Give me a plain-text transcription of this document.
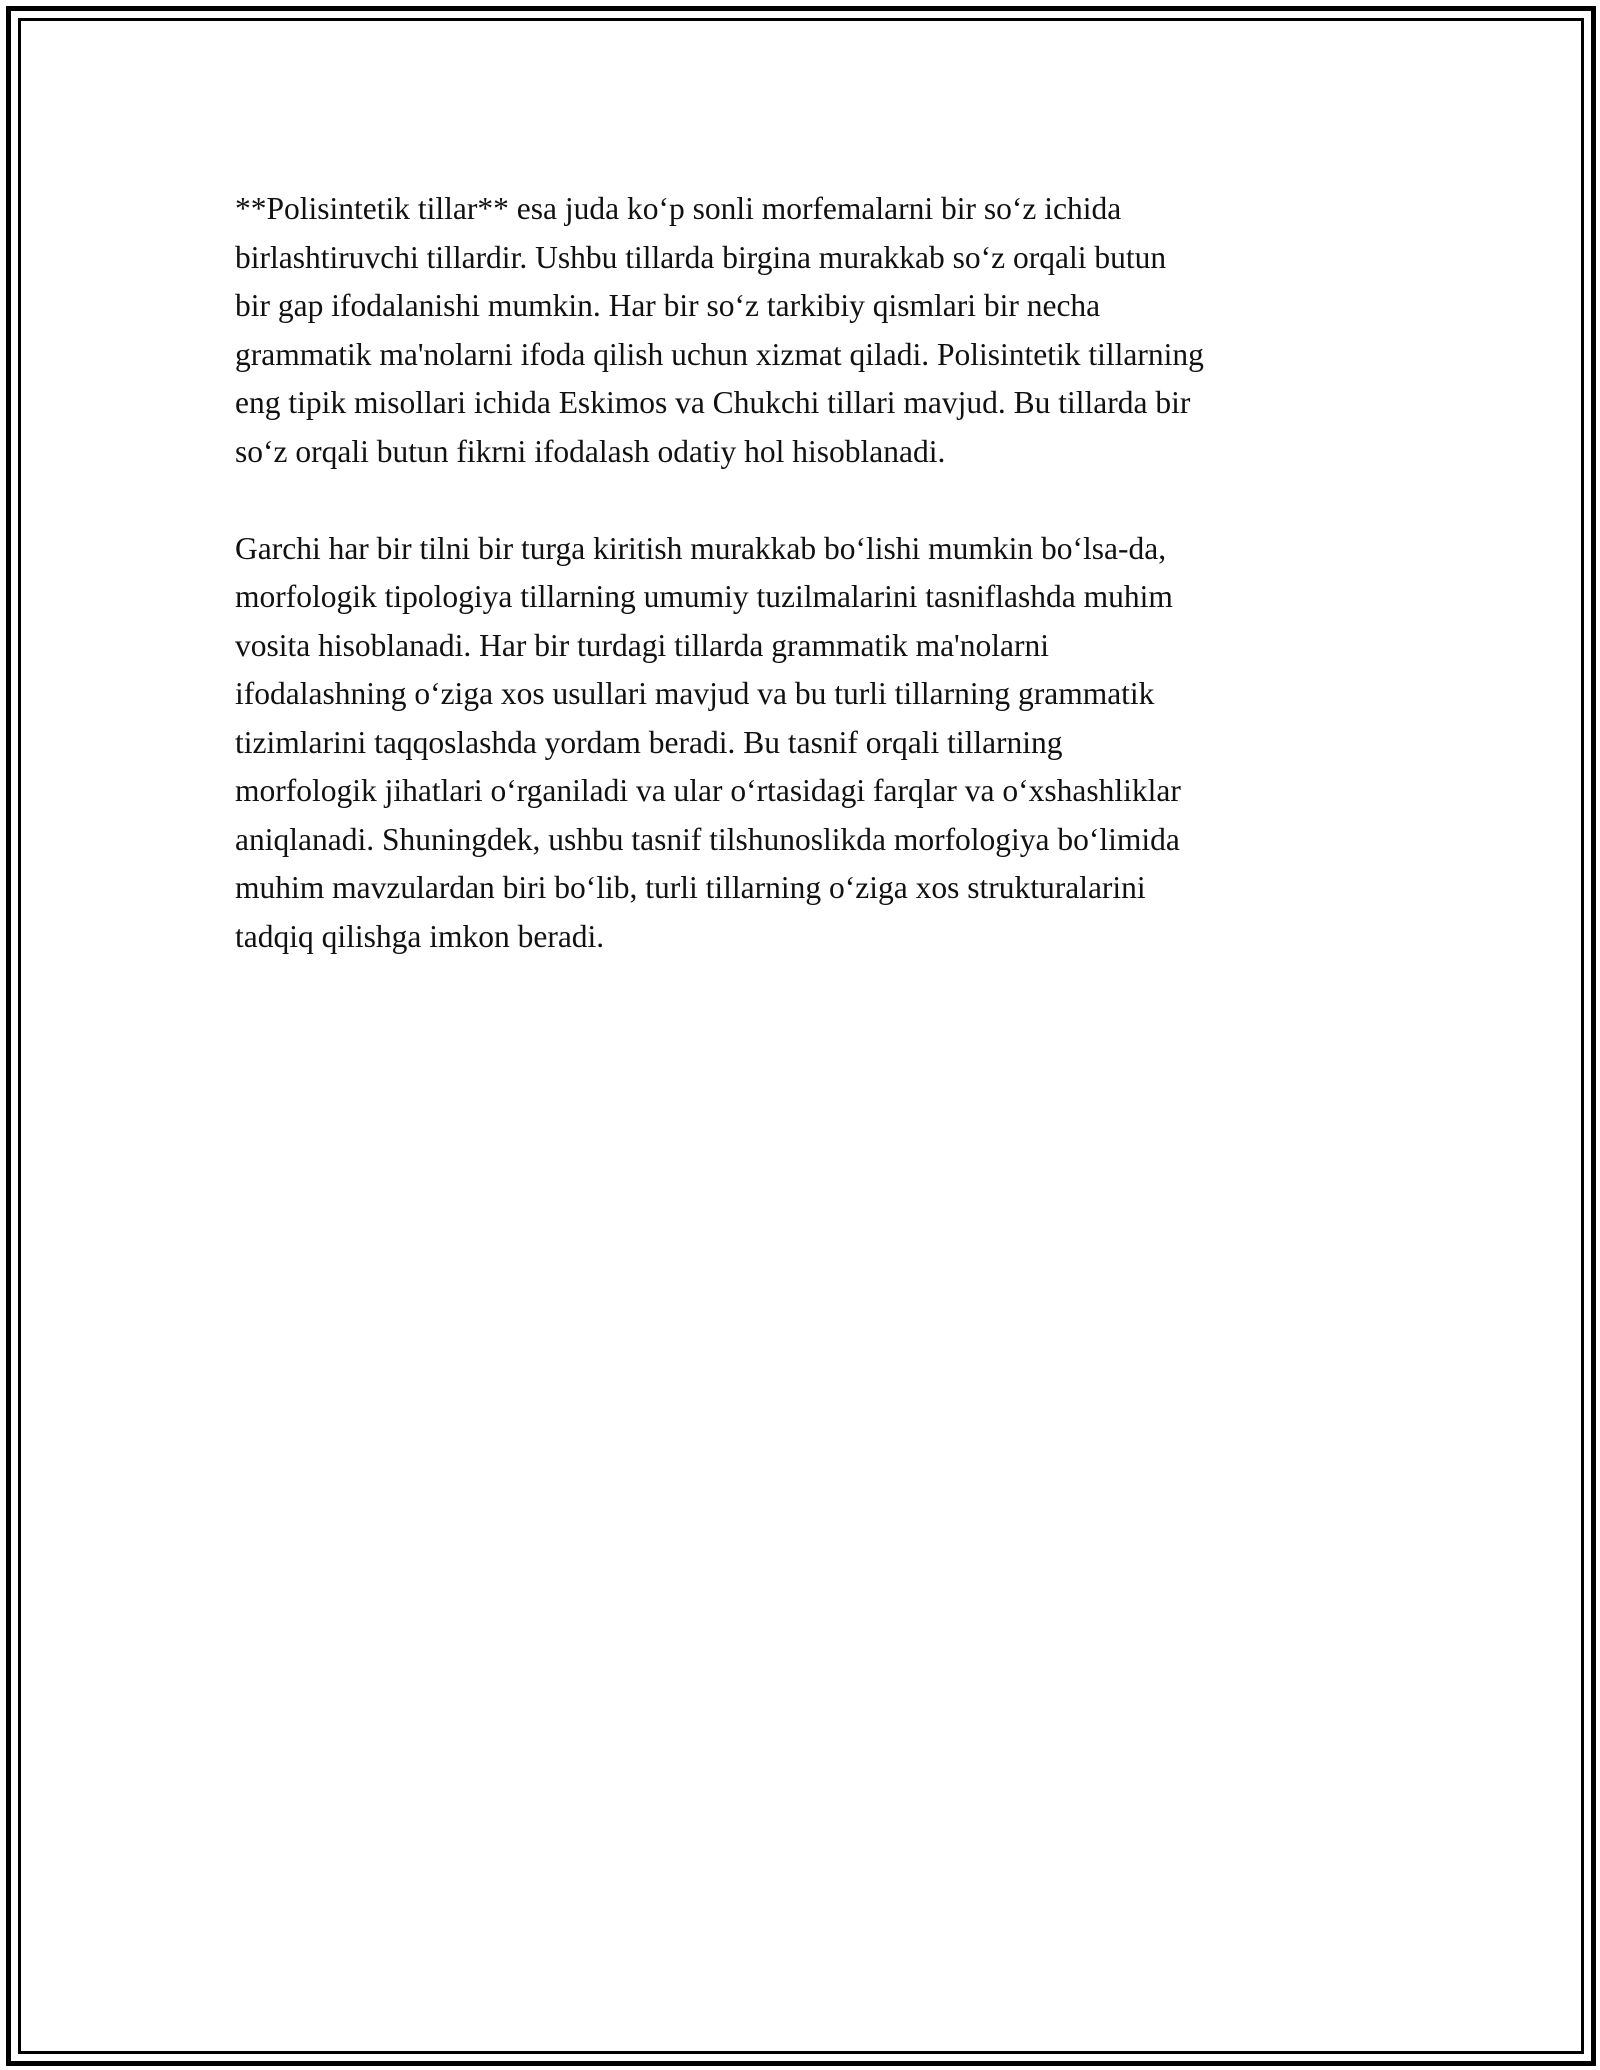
**Polisintetik tillar** esa juda koʻp sonli morfemalarni bir soʻz ichida
birlashtiruvchi tillardir. Ushbu tillarda birgina murakkab soʻz orqali butun
bir gap ifodalanishi mumkin. Har bir soʻz tarkibiy qismlari bir necha
grammatik ma'nolarni ifoda qilish uchun xizmat qiladi. Polisintetik tillarning
eng tipik misollari ichida Eskimos va Chukchi tillari mavjud. Bu tillarda bir
soʻz orqali butun fikrni ifodalash odatiy hol hisoblanadi.

Garchi har bir tilni bir turga kiritish murakkab boʻlishi mumkin boʻlsa-da,
morfologik tipologiya tillarning umumiy tuzilmalarini tasniflashda muhim
vosita hisoblanadi. Har bir turdagi tillarda grammatik ma'nolarni
ifodalashning oʻziga xos usullari mavjud va bu turli tillarning grammatik
tizimlarini taqqoslashda yordam beradi. Bu tasnif orqali tillarning
morfologik jihatlari oʻrganiladi va ular oʻrtasidagi farqlar va oʻxshashliklar
aniqlanadi. Shuningdek, ushbu tasnif tilshunoslikda morfologiya boʻlimida
muhim mavzulardan biri boʻlib, turli tillarning oʻziga xos strukturalarini
tadqiq qilishga imkon beradi.
